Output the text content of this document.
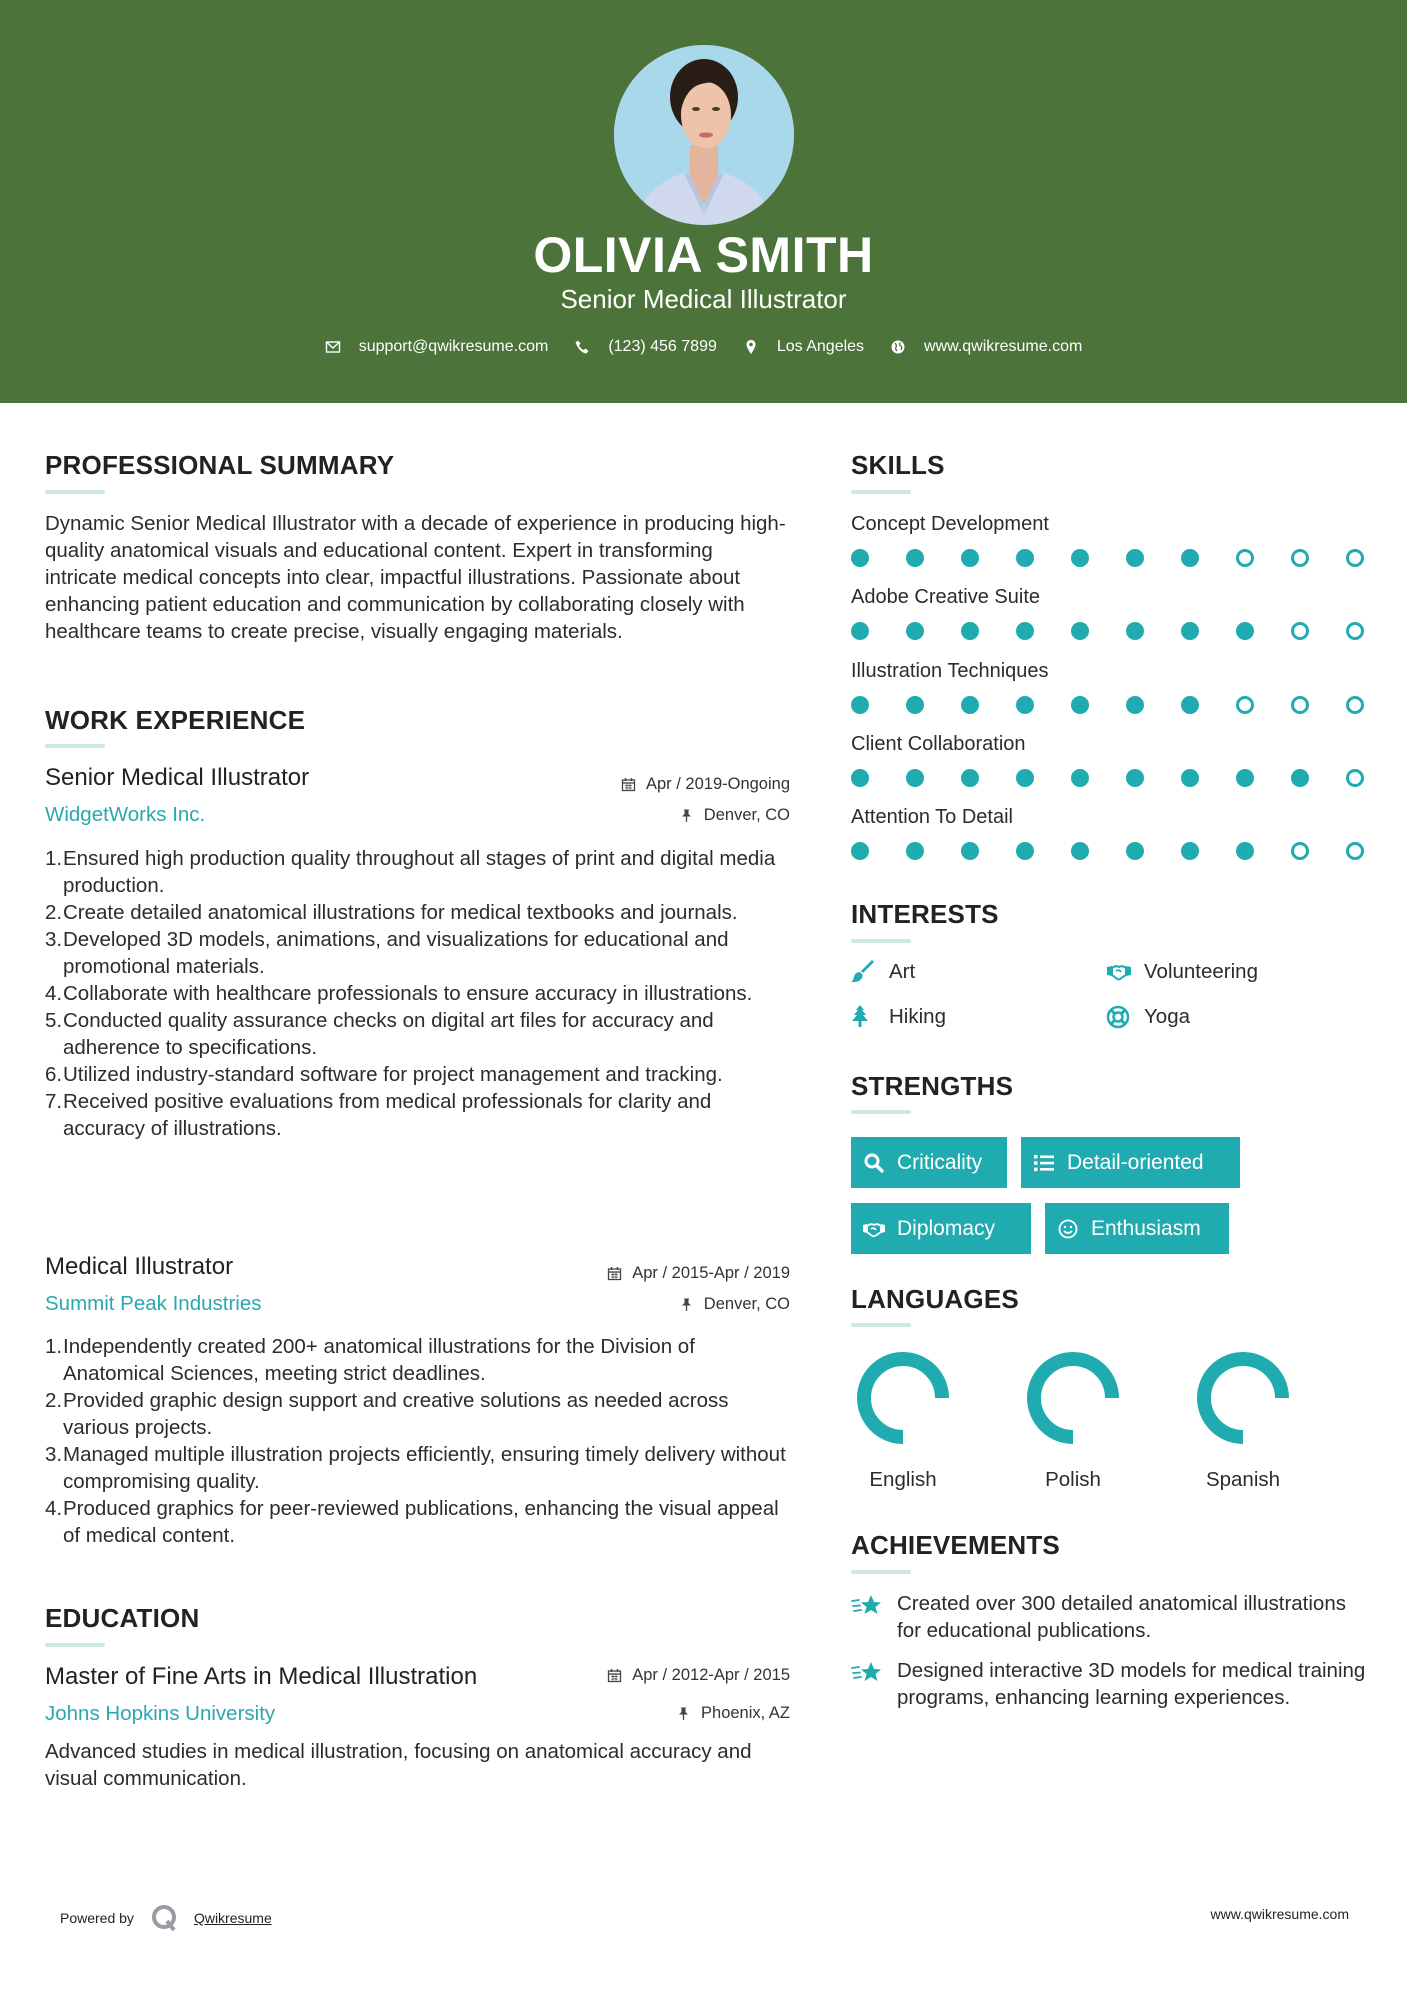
OLIVIA SMITH
Senior Medical Illustrator
support@qwikresume.com	(123) 456 7899	Los Angeles	www.qwikresume.com
PROFESSIONAL SUMMARY
Dynamic Senior Medical Illustrator with a decade of experience in producing high-quality anatomical visuals and educational content. Expert in transforming intricate medical concepts into clear, impactful illustrations. Passionate about enhancing patient education and communication by collaborating closely with healthcare teams to create precise, visually engaging materials.
WORK EXPERIENCE
Senior Medical Illustrator
WidgetWorks Inc.
Apr / 2019-Ongoing
Denver, CO
1. Ensured high production quality throughout all stages of print and digital media production.
2. Create detailed anatomical illustrations for medical textbooks and journals.
3. Developed 3D models, animations, and visualizations for educational and promotional materials.
4. Collaborate with healthcare professionals to ensure accuracy in illustrations.
5. Conducted quality assurance checks on digital art files for accuracy and adherence to specifications.
6. Utilized industry-standard software for project management and tracking.
7. Received positive evaluations from medical professionals for clarity and accuracy of illustrations.
Medical Illustrator
Summit Peak Industries
Apr / 2015-Apr / 2019
Denver, CO
1. Independently created 200+ anatomical illustrations for the Division of Anatomical Sciences, meeting strict deadlines.
2. Provided graphic design support and creative solutions as needed across various projects.
3. Managed multiple illustration projects efficiently, ensuring timely delivery without compromising quality.
4. Produced graphics for peer-reviewed publications, enhancing the visual appeal of medical content.
EDUCATION
Master of Fine Arts in Medical Illustration
Johns Hopkins University
Apr / 2012-Apr / 2015
Phoenix, AZ
Advanced studies in medical illustration, focusing on anatomical accuracy and visual communication.
SKILLS
Concept Development
Adobe Creative Suite
Illustration Techniques
Client Collaboration
Attention To Detail
INTERESTS
Art	Volunteering
Hiking	Yoga
STRENGTHS
Criticality	Detail-oriented
Diplomacy	Enthusiasm
LANGUAGES
English	Polish	Spanish
ACHIEVEMENTS
Created over 300 detailed anatomical illustrations for educational publications.
Designed interactive 3D models for medical training programs, enhancing learning experiences.
Powered by	Qwikresume	www.qwikresume.com
